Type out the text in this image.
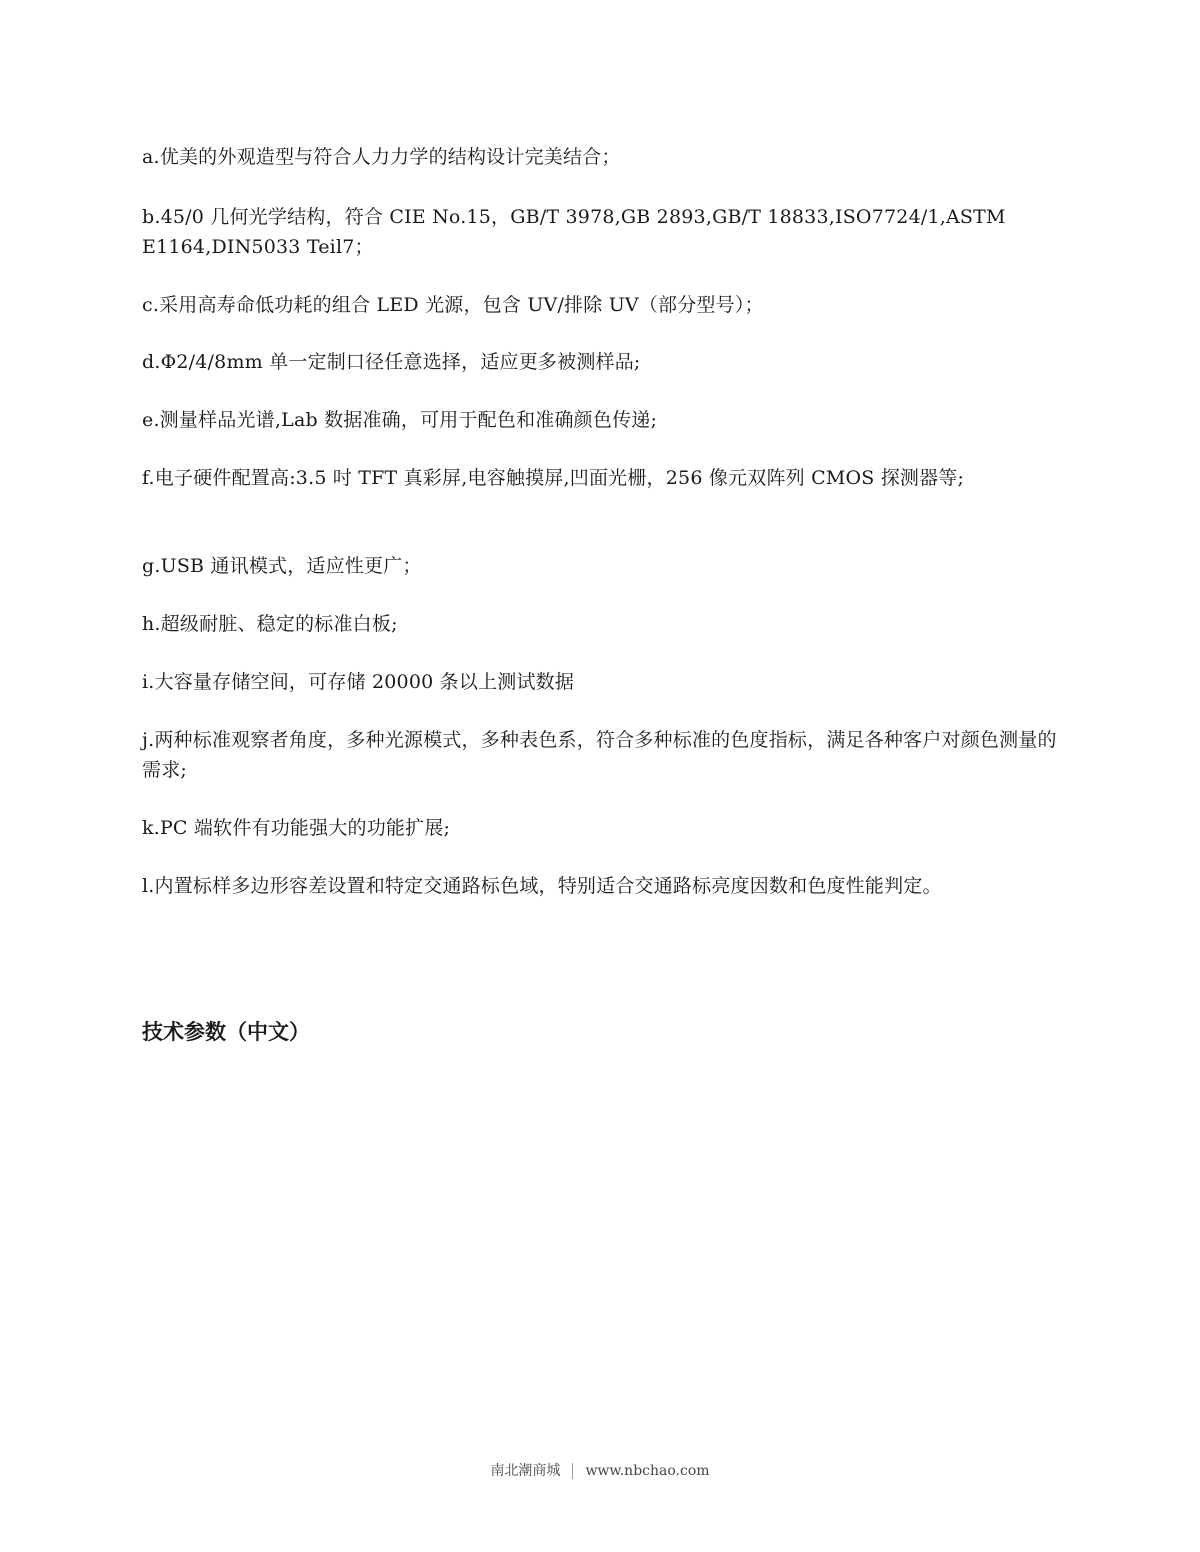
a.优美的外观造型与符合人力力学的结构设计完美结合；

b.45/0 几何光学结构，符合 CIE No.15，GB/T 3978,GB 2893,GB/T 18833,ISO7724/1,ASTM E1164,DIN5033 Teil7；

c.采用高寿命低功耗的组合 LED 光源，包含 UV/排除 UV（部分型号）；

d.Φ2/4/8mm 单一定制口径任意选择，适应更多被测样品;

e.测量样品光谱,Lab 数据准确，可用于配色和准确颜色传递;

f.电子硬件配置高:3.5 吋 TFT 真彩屏,电容触摸屏,凹面光栅，256 像元双阵列 CMOS 探测器等;

g.USB 通讯模式，适应性更广；

h.超级耐脏、稳定的标准白板;

i.大容量存储空间，可存储 20000 条以上测试数据

j.两种标准观察者角度，多种光源模式，多种表色系，符合多种标准的色度指标，满足各种客户对颜色测量的需求;

k.PC 端软件有功能强大的功能扩展;

l.内置标样多边形容差设置和特定交通路标色域，特别适合交通路标亮度因数和色度性能判定。

技术参数（中文）
南北潮商城 www.nbchao.com
